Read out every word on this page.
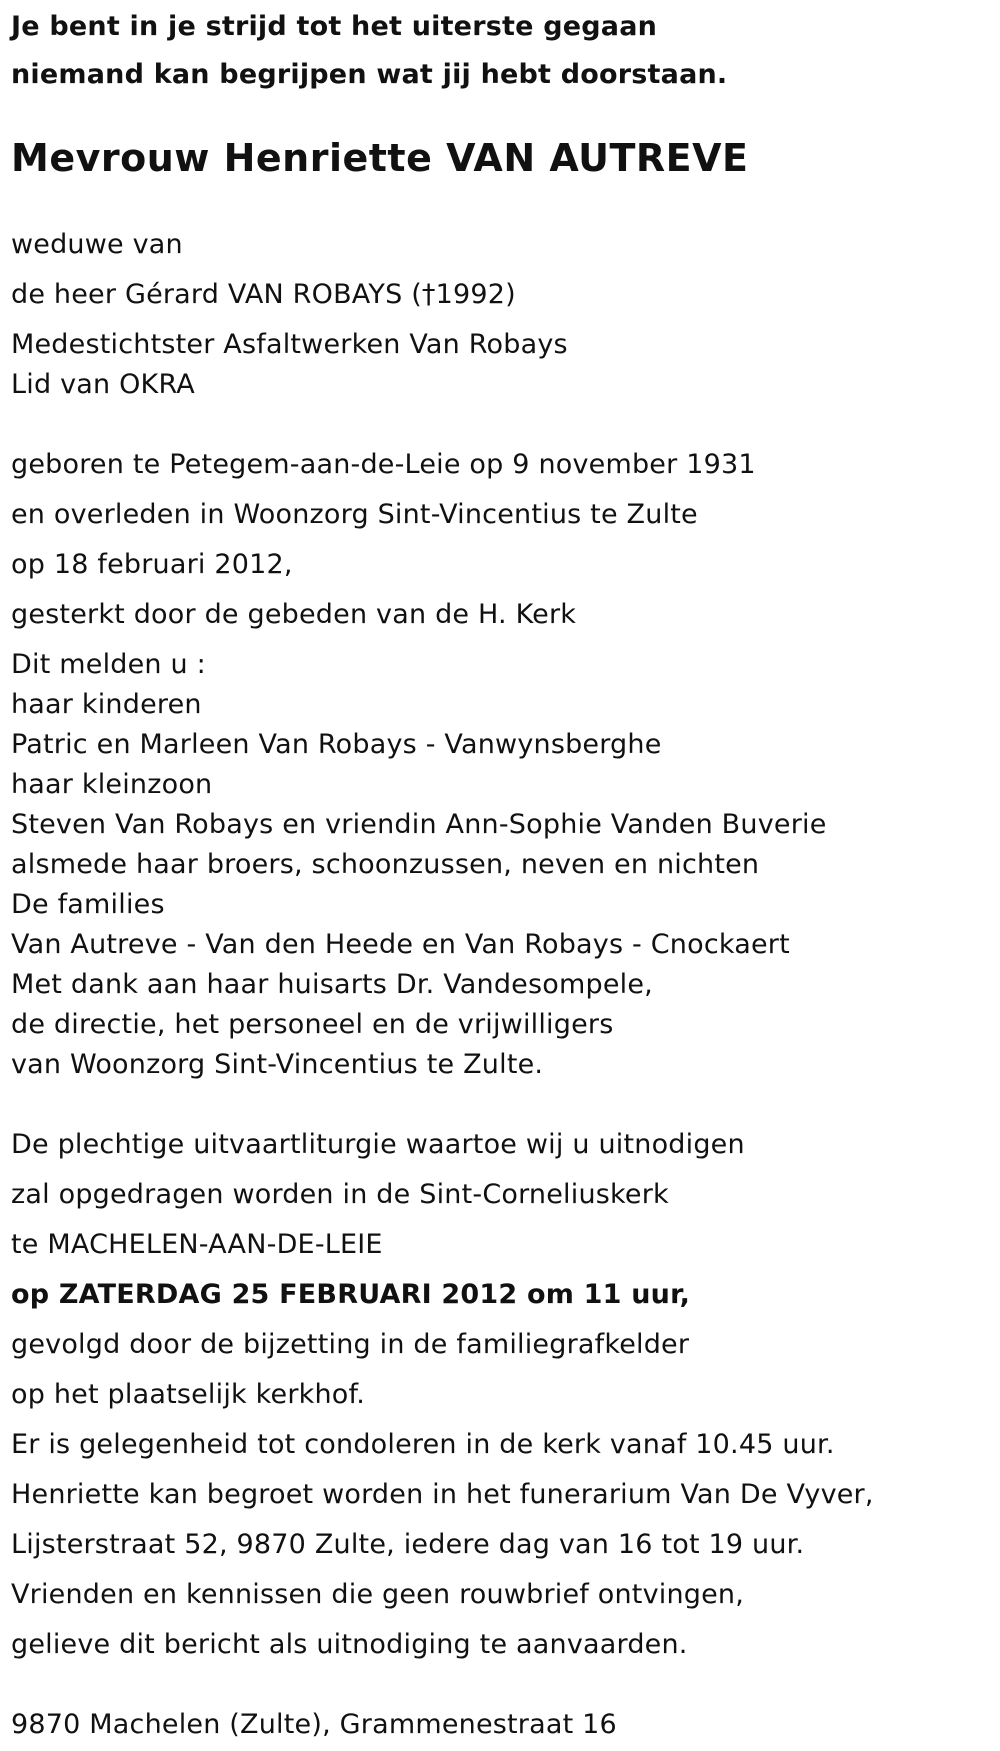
Je bent in je strijd tot het uiterste gegaan
niemand kan begrijpen wat jij hebt doorstaan.
Mevrouw Henriette VAN AUTREVE
weduwe van
de heer Gérard VAN ROBAYS (†1992)
Medestichtster Asfaltwerken Van Robays
Lid van OKRA
geboren te Petegem-aan-de-Leie op 9 november 1931
en overleden in Woonzorg Sint-Vincentius te Zulte
op 18 februari 2012,
gesterkt door de gebeden van de H. Kerk
Dit melden u :
haar kinderen
Patric en Marleen Van Robays - Vanwynsberghe
haar kleinzoon
Steven Van Robays en vriendin Ann-Sophie Vanden Buverie
alsmede haar broers, schoonzussen, neven en nichten
De families
Van Autreve - Van den Heede en Van Robays - Cnockaert
Met dank aan haar huisarts Dr. Vandesompele,
de directie, het personeel en de vrijwilligers
van Woonzorg Sint-Vincentius te Zulte.
De plechtige uitvaartliturgie waartoe wij u uitnodigen
zal opgedragen worden in de Sint-Corneliuskerk
te MACHELEN-AAN-DE-LEIE
op ZATERDAG 25 FEBRUARI 2012 om 11 uur,
gevolgd door de bijzetting in de familiegrafkelder
op het plaatselijk kerkhof.
Er is gelegenheid tot condoleren in de kerk vanaf 10.45 uur.
Henriette kan begroet worden in het funerarium Van De Vyver,
Lijsterstraat 52, 9870 Zulte, iedere dag van 16 tot 19 uur.
Vrienden en kennissen die geen rouwbrief ontvingen,
gelieve dit bericht als uitnodiging te aanvaarden.
9870 Machelen (Zulte), Grammenestraat 16
